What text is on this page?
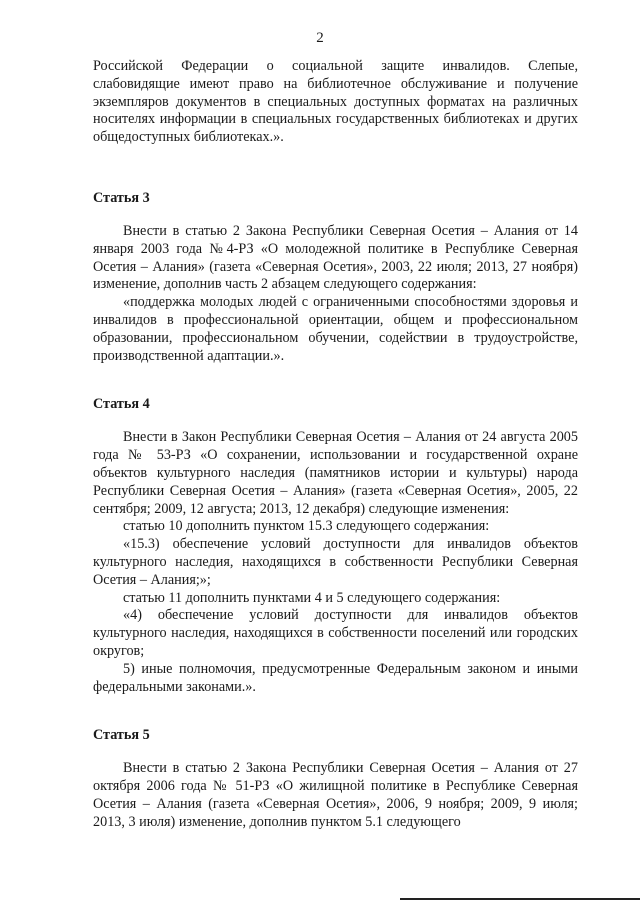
2

Российской Федерации о социальной защите инвалидов. Слепые, слабовидящие имеют право на библиотечное обслуживание и получение экземпляров документов в специальных доступных форматах на различных носителях информации в специальных государственных библиотеках и других общедоступных библиотеках.».

Статья 3

Внести в статью 2 Закона Республики Северная Осетия – Алания от 14 января 2003 года №4-РЗ «О молодежной политике в Республике Северная Осетия – Алания» (газета «Северная Осетия», 2003, 22 июля; 2013, 27 ноября) изменение, дополнив часть 2 абзацем следующего содержания:

«поддержка молодых людей с ограниченными способностями здоровья и инвалидов в профессиональной ориентации, общем и профессиональном образовании, профессиональном обучении, содействии в трудоустройстве, производственной адаптации.».

Статья 4

Внести в Закон Республики Северная Осетия – Алания от 24 августа 2005 года № 53-РЗ «О сохранении, использовании и государственной охране объектов культурного наследия (памятников истории и культуры) народа Республики Северная Осетия – Алания» (газета «Северная Осетия», 2005, 22 сентября; 2009, 12 августа; 2013, 12 декабря) следующие изменения:

статью 10 дополнить пунктом 15.3 следующего содержания:

«15.3) обеспечение условий доступности для инвалидов объектов культурного наследия, находящихся в собственности Республики Северная Осетия – Алания;»;

статью 11 дополнить пунктами 4 и 5 следующего содержания:

«4) обеспечение условий доступности для инвалидов объектов культурного наследия, находящихся в собственности поселений или городских округов;

5) иные полномочия, предусмотренные Федеральным законом и иными федеральными законами.».

Статья 5

Внести в статью 2 Закона Республики Северная Осетия – Алания от 27 октября 2006 года № 51-РЗ «О жилищной политике в Республике Северная Осетия – Алания (газета «Северная Осетия», 2006, 9 ноября; 2009, 9 июля; 2013, 3 июля) изменение, дополнив пунктом 5.1 следующего
